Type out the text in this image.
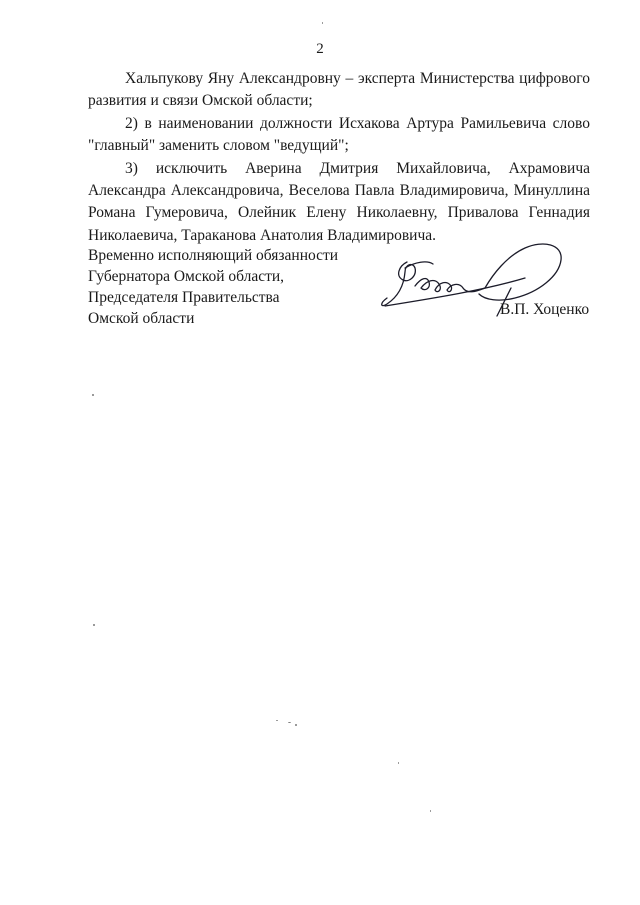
2

Хальпукову Яну Александровну – эксперта Министерства цифрового развития и связи Омской области;

2) в наименовании должности Исхакова Артура Рамильевича слово "главный" заменить словом "ведущий";

3) исключить Аверина Дмитрия Михайловича, Ахрамовича Александра Александровича, Веселова Павла Владимировича, Минуллина Романа Гумеровича, Олейник Елену Николаевну, Привалова Геннадия Николаевича, Тараканова Анатолия Владимировича.

Временно исполняющий обязанности
Губернатора Омской области,
Председателя Правительства
Омской области
В.П. Хоценко
